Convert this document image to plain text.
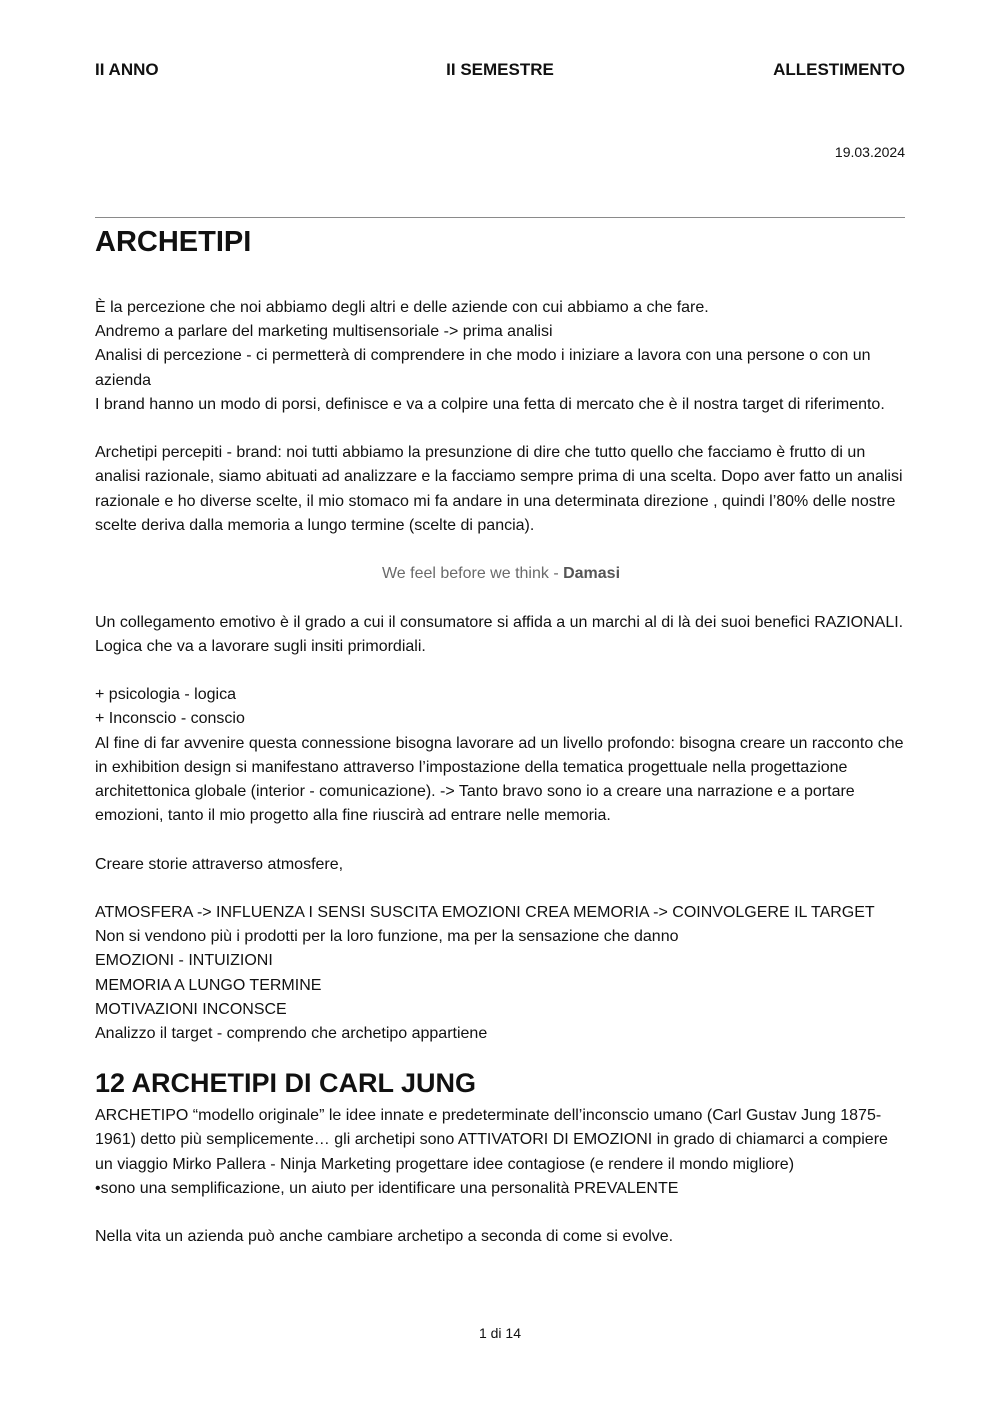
II ANNO	II SEMESTRE	ALLESTIMENTO
19.03.2024
ARCHETIPI

È la percezione che noi abbiamo degli altri e delle aziende con cui abbiamo a che fare.

Andremo a parlare del marketing multisensoriale -> prima analisi

Analisi di percezione - ci permetterà di comprendere in che modo i iniziare a lavora con una persone o con un azienda

I brand hanno un modo di porsi, definisce e va a colpire una fetta di mercato che è il nostra target di riferimento.

Archetipi percepiti - brand: noi tutti abbiamo la presunzione di dire che tutto quello che facciamo è frutto di un analisi razionale, siamo abituati ad analizzare e la facciamo sempre prima di una scelta. Dopo aver fatto un analisi razionale e ho diverse scelte, il mio stomaco mi fa andare in una determinata direzione , quindi l’80% delle nostre scelte deriva dalla memoria a lungo termine (scelte di pancia).

We feel before we think - Damasi

Un collegamento emotivo è il grado a cui il consumatore si affida a un marchi al di là dei suoi benefici RAZIONALI.

Logica che va a lavorare sugli insiti primordiali.

+ psicologia - logica

+ Inconscio - conscio

Al fine di far avvenire questa connessione bisogna lavorare ad un livello profondo: bisogna creare un racconto che in exhibition design si manifestano attraverso l’impostazione della tematica progettuale nella progettazione architettonica globale (interior - comunicazione). -> Tanto bravo sono io a creare una narrazione e a portare emozioni, tanto il mio progetto alla fine riuscirà ad entrare nelle memoria.

Creare storie attraverso atmosfere,

ATMOSFERA -> INFLUENZA I SENSI SUSCITA EMOZIONI CREA MEMORIA -> COINVOLGERE IL TARGET

Non si vendono più i prodotti per la loro funzione, ma per la sensazione che danno

EMOZIONI - INTUIZIONI

MEMORIA A LUNGO TERMINE

MOTIVAZIONI INCONSCE

Analizzo il target - comprendo che archetipo appartiene

12 ARCHETIPI DI CARL JUNG

ARCHETIPO “modello originale” le idee innate e predeterminate dell’inconscio umano (Carl Gustav Jung 1875-1961) detto più semplicemente… gli archetipi sono ATTIVATORI DI EMOZIONI in grado di chiamarci a compiere un viaggio Mirko Pallera - Ninja Marketing progettare idee contagiose (e rendere il mondo migliore)

•sono una semplificazione, un aiuto per identificare una personalità PREVALENTE

Nella vita un azienda può anche cambiare archetipo a seconda di come si evolve.

1 di 14
